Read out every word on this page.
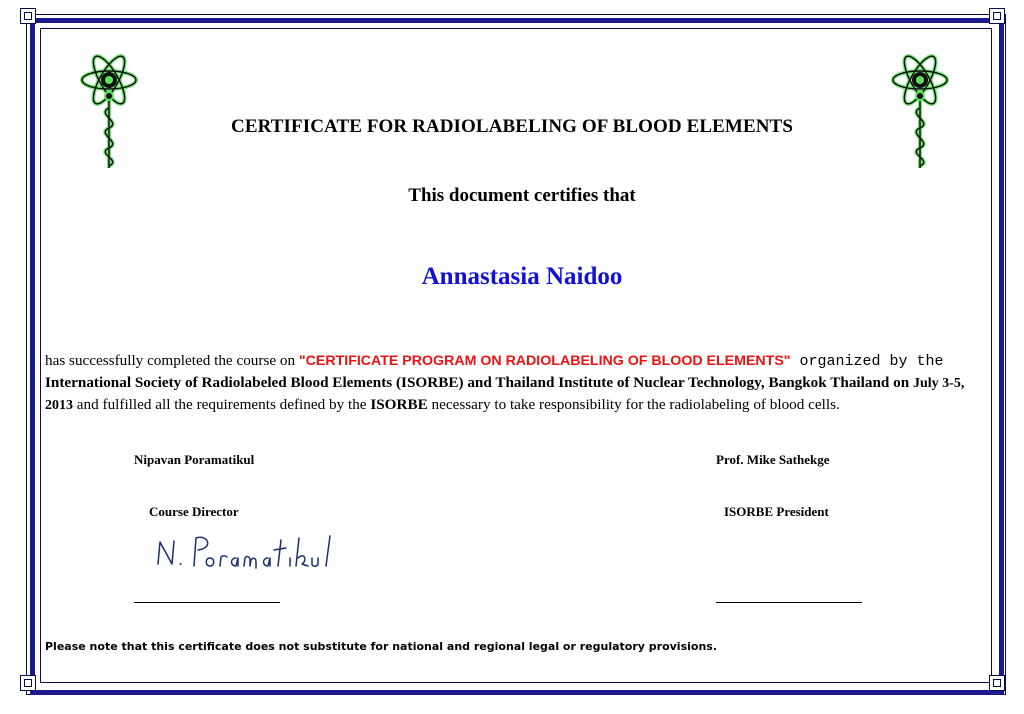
CERTIFICATE FOR RADIOLABELING OF BLOOD ELEMENTS
This document certifies that
Annastasia Naidoo
has successfully completed the course on "CERTIFICATE PROGRAM ON RADIOLABELING OF BLOOD ELEMENTS" organized by the International Society of Radiolabeled Blood Elements (ISORBE) and Thailand Institute of Nuclear Technology, Bangkok Thailand on July 3-5, 2013 and fulfilled all the requirements defined by the ISORBE necessary to take responsibility for the radiolabeling of blood cells.
Nipavan Poramatikul
Course Director
Prof. Mike Sathekge
ISORBE President
Please note that this certificate does not substitute for national and regional legal or regulatory provisions.
